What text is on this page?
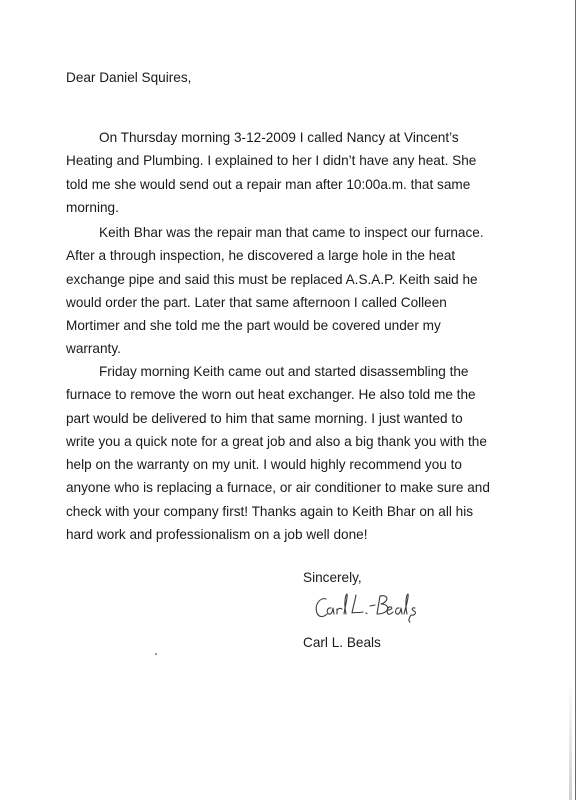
Dear Daniel Squires,

On Thursday morning 3-12-2009 I called Nancy at Vincent’s
Heating and Plumbing. I explained to her I didn’t have any heat. She
told me she would send out a repair man after 10:00a.m. that same
morning.

Keith Bhar was the repair man that came to inspect our furnace.
After a through inspection, he discovered a large hole in the heat
exchange pipe and said this must be replaced A.S.A.P. Keith said he
would order the part. Later that same afternoon I called Colleen
Mortimer and she told me the part would be covered under my
warranty.

Friday morning Keith came out and started disassembling the
furnace to remove the worn out heat exchanger. He also told me the
part would be delivered to him that same morning. I just wanted to
write you a quick note for a great job and also a big thank you with the
help on the warranty on my unit. I would highly recommend you to
anyone who is replacing a furnace, or air conditioner to make sure and
check with your company first! Thanks again to Keith Bhar on all his
hard work and professionalism on a job well done!

Sincerely,

Carl L. Beals
